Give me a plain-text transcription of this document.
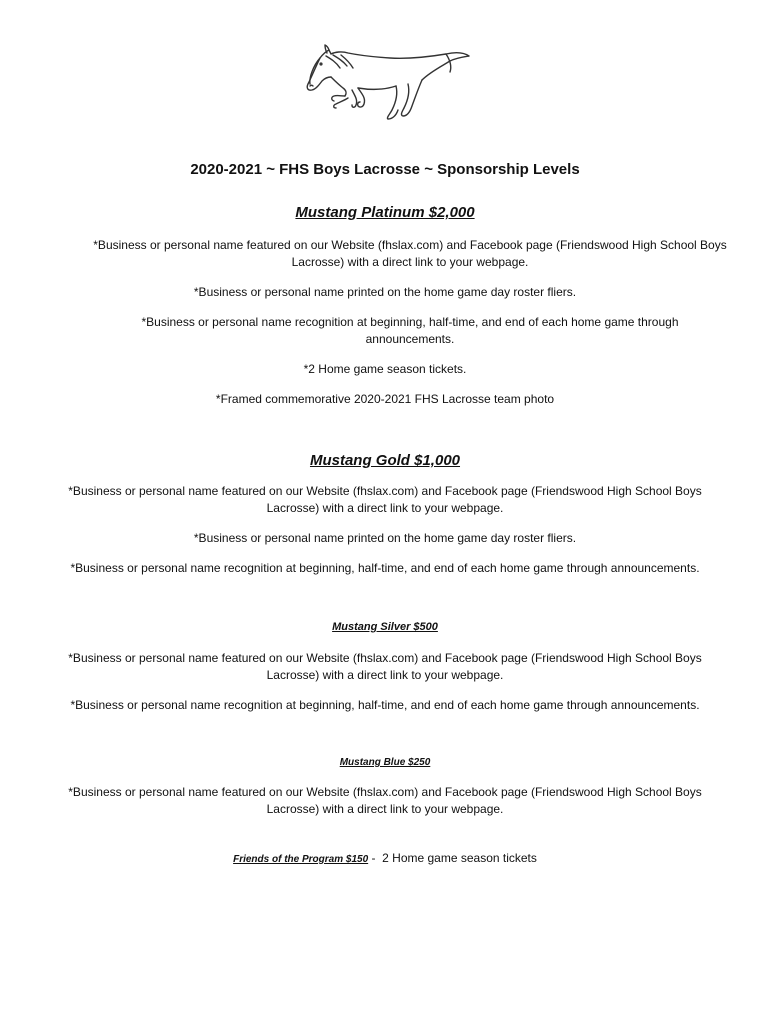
2020-2021 ~ FHS Boys Lacrosse ~ Sponsorship Levels
Mustang Platinum $2,000
*Business or personal name featured on our Website (fhslax.com) and Facebook page (Friendswood High School Boys Lacrosse) with a direct link to your webpage.
*Business or personal name printed on the home game day roster fliers.
*Business or personal name recognition at beginning, half-time, and end of each home game through announcements.
*2 Home game season tickets.
*Framed commemorative 2020-2021 FHS Lacrosse team photo
Mustang Gold $1,000
*Business or personal name featured on our Website (fhslax.com) and Facebook page (Friendswood High School Boys Lacrosse) with a direct link to your webpage.
*Business or personal name printed on the home game day roster fliers.
*Business or personal name recognition at beginning, half-time, and end of each home game through announcements.
Mustang Silver $500
*Business or personal name featured on our Website (fhslax.com) and Facebook page (Friendswood High School Boys Lacrosse) with a direct link to your webpage.
*Business or personal name recognition at beginning, half-time, and end of each home game through announcements.
Mustang Blue $250
*Business or personal name featured on our Website (fhslax.com) and Facebook page (Friendswood High School Boys Lacrosse) with a direct link to your webpage.
Friends of the Program $150 -  2 Home game season tickets
